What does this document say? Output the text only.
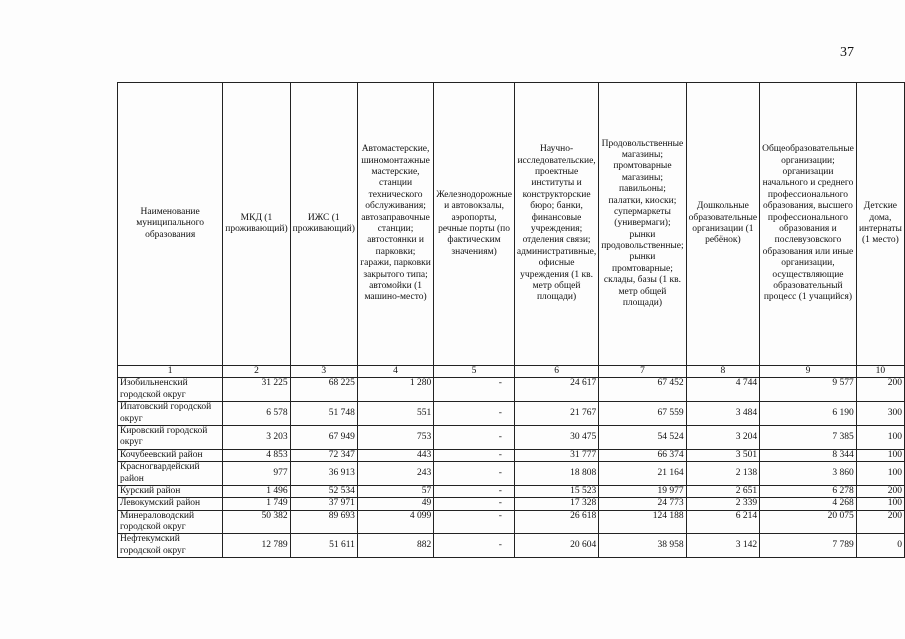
37
Наименование муниципального образования	МКД (1 проживающий)	ИЖС (1 проживающий)	Автомастерские, шиномонтажные мастерские, станции технического обслуживания; автозаправочные станции; автостоянки и парковки; гаражи, парковки закрытого типа; автомойки (1 машино-место)	Железнодорожные и автовокзалы, аэропорты, речные порты (по фактическим значениям)	Научно-исследовательские, проектные институты и конструкторские бюро; банки, финансовые учреждения; отделения связи; административные, офисные учреждения (1 кв. метр общей площади)	Продовольственные магазины; промтоварные магазины; павильоны; палатки, киоски; супермаркеты (универмаги); рынки продовольственные; рынки промтоварные; склады, базы (1 кв. метр общей площади)	Дошкольные образовательные организации (1 ребёнок)	Общеобразовательные организации; организации начального и среднего профессионального образования, высшего профессионального образования и послевузовского образования или иные организации, осуществляющие образовательный процесс (1 учащийся)	Детские дома, интернаты (1 место)
1	2	3	4	5	6	7	8	9	10
Изобильненский городской округ	31 225	68 225	1 280	-	24 617	67 452	4 744	9 577	200
Ипатовский городской округ	6 578	51 748	551	-	21 767	67 559	3 484	6 190	300
Кировский городской округ	3 203	67 949	753	-	30 475	54 524	3 204	7 385	100
Кочубеевский район	4 853	72 347	443	-	31 777	66 374	3 501	8 344	100
Красногвардейский район	977	36 913	243	-	18 808	21 164	2 138	3 860	100
Курский район	1 496	52 534	57	-	15 523	19 977	2 651	6 278	200
Левокумский район	1 749	37 971	49	-	17 328	24 773	2 339	4 268	100
Минераловодский городской округ	50 382	89 693	4 099	-	26 618	124 188	6 214	20 075	200
Нефтекумский городской округ	12 789	51 611	882	-	20 604	38 958	3 142	7 789	0
